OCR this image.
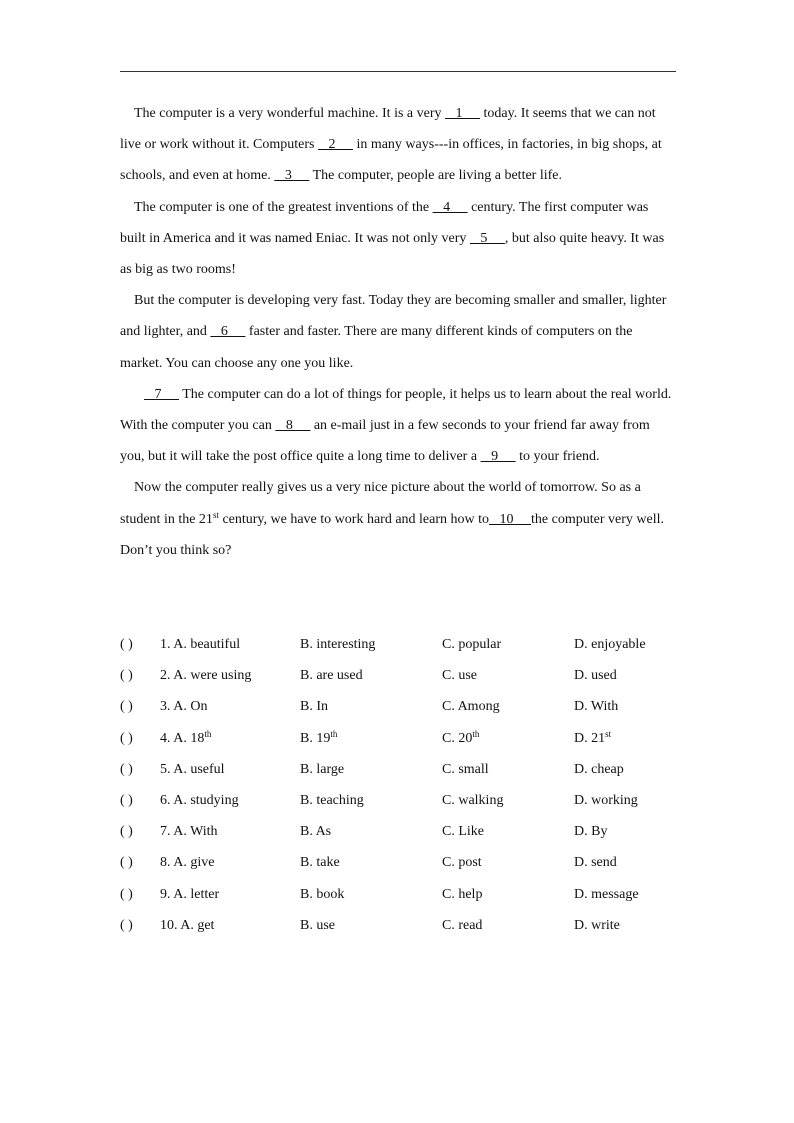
The computer is a very wonderful machine. It is a very    1      today. It seems that we can not live or work without it. Computers    2      in many ways---in offices, in factories, in big shops, at schools, and even at home.    3      The computer, people are living a better life.

The computer is one of the greatest inventions of the    4      century. The first computer was built in America and it was named Eniac. It was not only very    5     , but also quite heavy. It was as big as two rooms!

But the computer is developing very fast. Today they are becoming smaller and smaller, lighter and lighter, and    6      faster and faster. There are many different kinds of computers on the market. You can choose any one you like.

7      The computer can do a lot of things for people, it helps us to learn about the real world. With the computer you can    8      an e-mail just in a few seconds to your friend far away from you, but it will take the post office quite a long time to deliver a    9      to your friend.

Now the computer really gives us a very nice picture about the world of tomorrow. So as a student in the 21st century, we have to work hard and learn how to   10     the computer very well. Don’t you think so?

( ) 1. A. beautiful	B. interesting	C. popular	D. enjoyable
( ) 2. A. were using	B. are used	C. use	D. used
( ) 3. A. On	B. In	C. Among	D. With
( ) 4. A. 18th	B. 19th	C. 20th	D. 21st
( ) 5. A. useful	B. large	C. small	D. cheap
( ) 6. A. studying	B. teaching	C. walking	D. working
( ) 7. A. With	B. As	C. Like	D. By
( ) 8. A. give	B. take	C. post	D. send
( ) 9. A. letter	B. book	C. help	D. message
( ) 10. A. get	B. use	C. read	D. write
